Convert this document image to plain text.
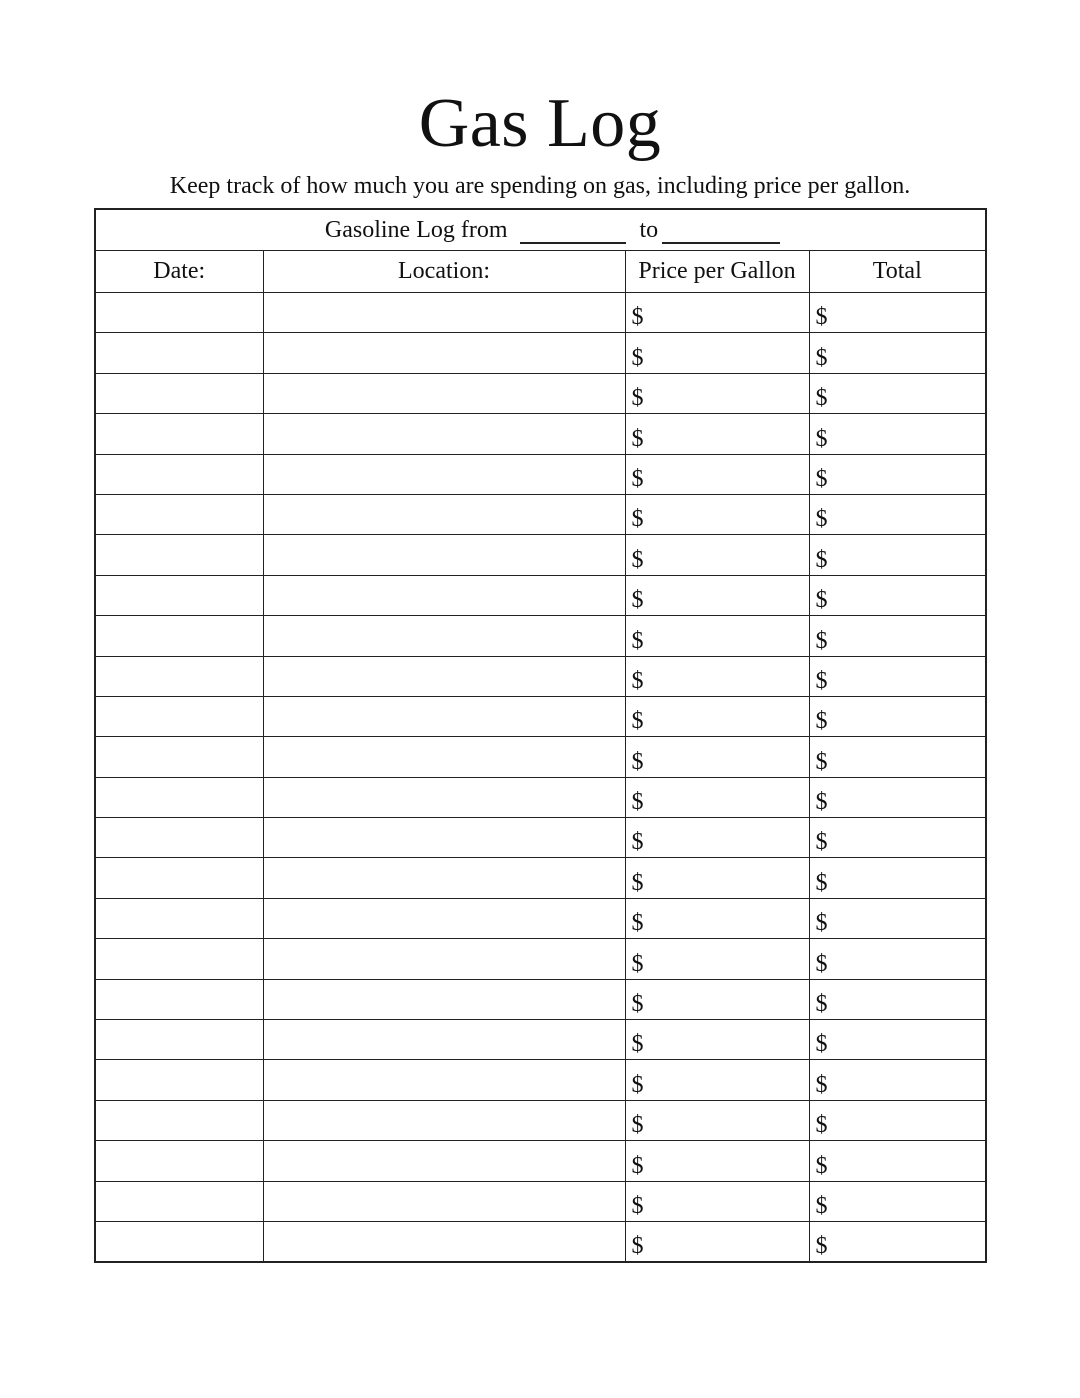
Gas Log
Keep track of how much you are spending on gas, including price per gallon.
Gasoline Log from to			

Date:	Location:	Price per Gallon	Total
		$	$
		$	$
		$	$
		$	$
		$	$
		$	$
		$	$
		$	$
		$	$
		$	$
		$	$
		$	$
		$	$
		$	$
		$	$
		$	$
		$	$
		$	$
		$	$
		$	$
		$	$
		$	$
		$	$
		$	$
